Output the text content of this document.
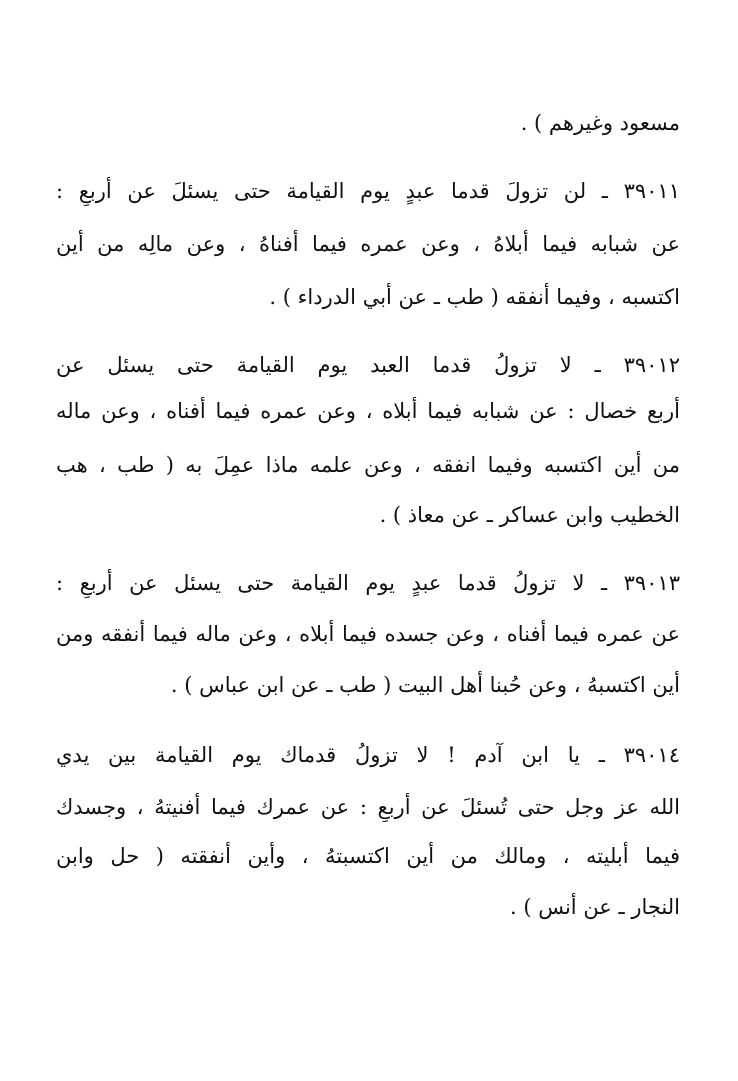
مسعود وغيرهم ) .
٣٩٠١١ ـ لن تزولَ قدما عبدٍ يوم القيامة حتى يسئلَ عن أربعٍ :
عن شبابه فيما أبلاهُ ، وعن عمره فيما أفناهُ ، وعن مالِه من أين
اكتسبه ، وفيما أنفقه ( طب ـ عن أبي الدرداء ) .
٣٩٠١٢ ـ لا تزولُ قدما العبد يوم القيامة حتى يسئل عن
أربع خصال : عن شبابه فيما أبلاه ، وعن عمره فيما أفناه ، وعن ماله
من أين اكتسبه وفيما انفقه ، وعن علمه ماذا عمِلَ به ( طب ، هب
الخطيب وابن عساكر ـ عن معاذ ) .
٣٩٠١٣ ـ لا تزولُ قدما عبدٍ يوم القيامة حتى يسئل عن أربعٍ :
عن عمره فيما أفناه ، وعن جسده فيما أبلاه ، وعن ماله فيما أنفقه ومن
أين اكتسبهُ ، وعن حُبنا أهل البيت ( طب ـ عن ابن عباس ) .
٣٩٠١٤ ـ يا ابن آدم ! لا تزولُ قدماك يوم القيامة بين يدي
الله عز وجل حتى تُسئلَ عن أربعٍ : عن عمرك فيما أفنيتهُ ، وجسدك
فيما أبليته ، ومالك من أين اكتسبتهُ ، وأين أنفقته ( حل وابن
النجار ـ عن أنس ) .
